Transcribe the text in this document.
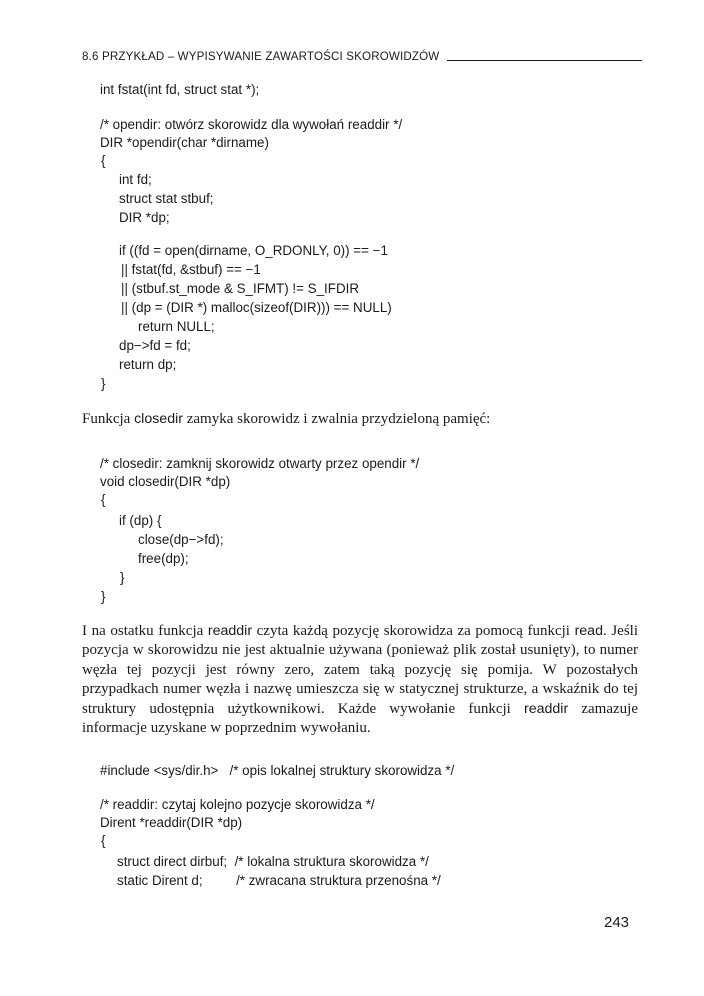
8.6 PRZYKŁAD – WYPISYWANIE ZAWARTOŚCI SKOROWIDZÓW
int fstat(int fd, struct stat *);
/* opendir: otwórz skorowidz dla wywołań readdir */
DIR *opendir(char *dirname)
{
int fd;
struct stat stbuf;
DIR *dp;
if ((fd = open(dirname, O_RDONLY, 0)) == −1
|| fstat(fd, &stbuf) == −1
|| (stbuf.st_mode & S_IFMT) != S_IFDIR
|| (dp = (DIR *) malloc(sizeof(DIR))) == NULL)
return NULL;
dp−>fd = fd;
return dp;
}

Funkcja closedir zamyka skorowidz i zwalnia przydzieloną pamięć:

/* closedir: zamknij skorowidz otwarty przez opendir */
void closedir(DIR *dp)
{
if (dp) {
close(dp−>fd);
free(dp);
}
}

I na ostatku funkcja readdir czyta każdą pozycję skorowidza za pomocą funkcji read. Jeśli pozycja w skorowidzu nie jest aktualnie używana (ponieważ plik został usunięty), to numer węzła tej pozycji jest równy zero, zatem taką pozycję się pomija. W pozostałych przypadkach numer węzła i nazwę umieszcza się w statycznej strukturze, a wskaźnik do tej struktury udostępnia użytkownikowi. Każde wywołanie funkcji readdir zamazuje informacje uzyskane w poprzednim wywołaniu.

#include <sys/dir.h>   /* opis lokalnej struktury skorowidza */
/* readdir: czytaj kolejno pozycje skorowidza */
Dirent *readdir(DIR *dp)
{
struct direct dirbuf;  /* lokalna struktura skorowidza */
static Dirent d;         /* zwracana struktura przenośna */
243
